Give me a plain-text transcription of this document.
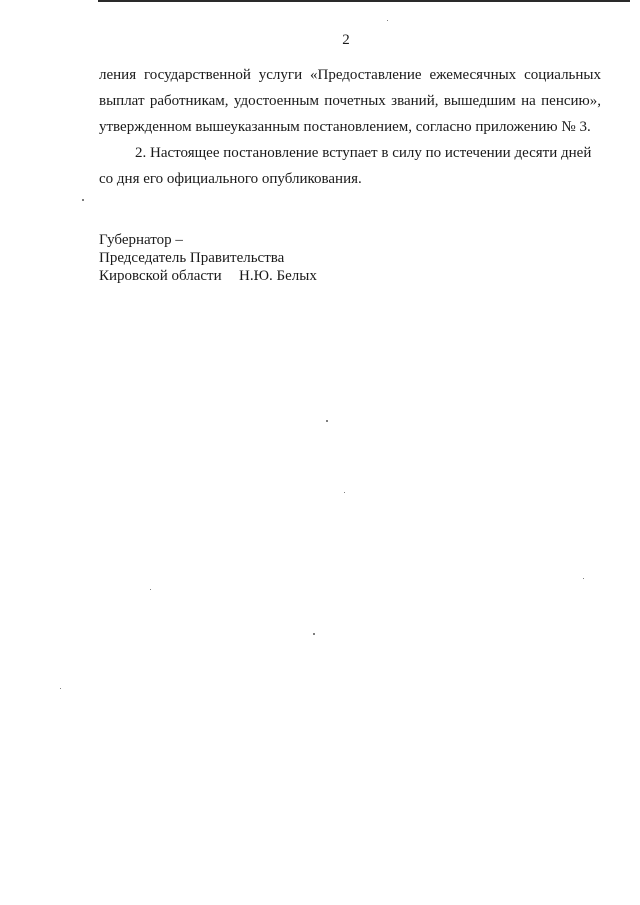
2
ления государственной услуги «Предоставление ежемесячных социальных
выплат работникам, удостоенным почетных званий, вышедшим на пенсию»,
утвержденном вышеуказанным постановлением, согласно приложению № 3.
2. Настоящее постановление вступает в силу по истечении десяти дней
со дня его официального опубликования.
Губернатор –
Председатель Правительства
Кировской области Н.Ю. Белых
